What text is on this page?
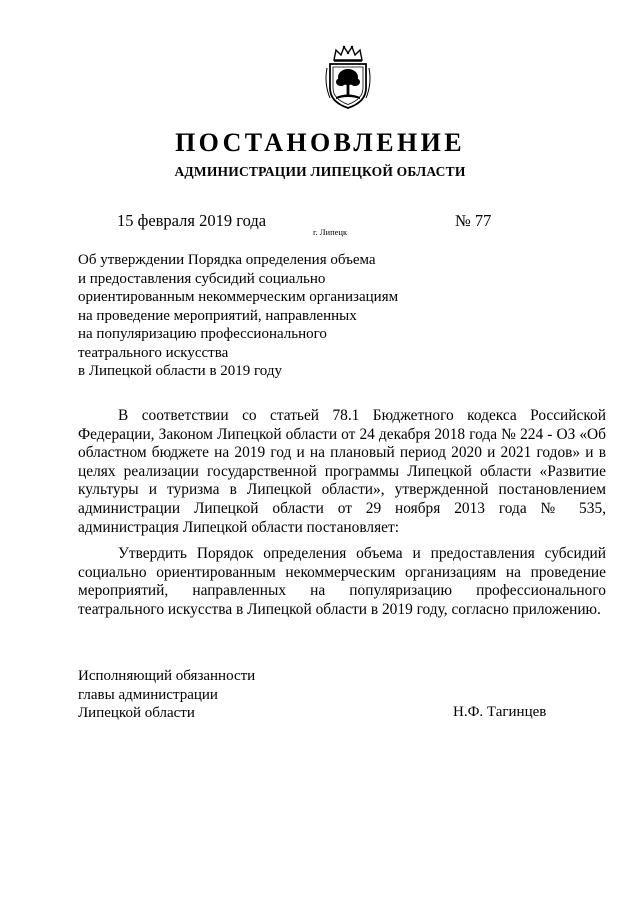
ПОСТАНОВЛЕНИЕ
АДМИНИСТРАЦИИ ЛИПЕЦКОЙ ОБЛАСТИ
15 февраля 2019 года
г. Липецк
№ 77
Об утверждении Порядка определения объема
и предоставления субсидий социально
ориентированным некоммерческим организациям
на проведение мероприятий, направленных
на популяризацию профессионального
театрального искусства
в Липецкой области в 2019 году
В соответствии со статьей 78.1 Бюджетного кодекса Российской Федерации, Законом Липецкой области от 24 декабря 2018 года № 224 - ОЗ «Об областном бюджете на 2019 год и на плановый период 2020 и 2021 годов» и в целях реализации государственной программы Липецкой области «Развитие культуры и туризма в Липецкой области», утвержденной постановлением администрации Липецкой области от 29 ноября 2013 года № 535, администрация Липецкой области постановляет:
Утвердить Порядок определения объема и предоставления субсидий социально ориентированным некоммерческим организациям на проведение мероприятий, направленных на популяризацию профессионального театрального искусства в Липецкой области в 2019 году, согласно приложению.
Исполняющий обязанности
главы администрации
Липецкой области	Н.Ф. Тагинцев
